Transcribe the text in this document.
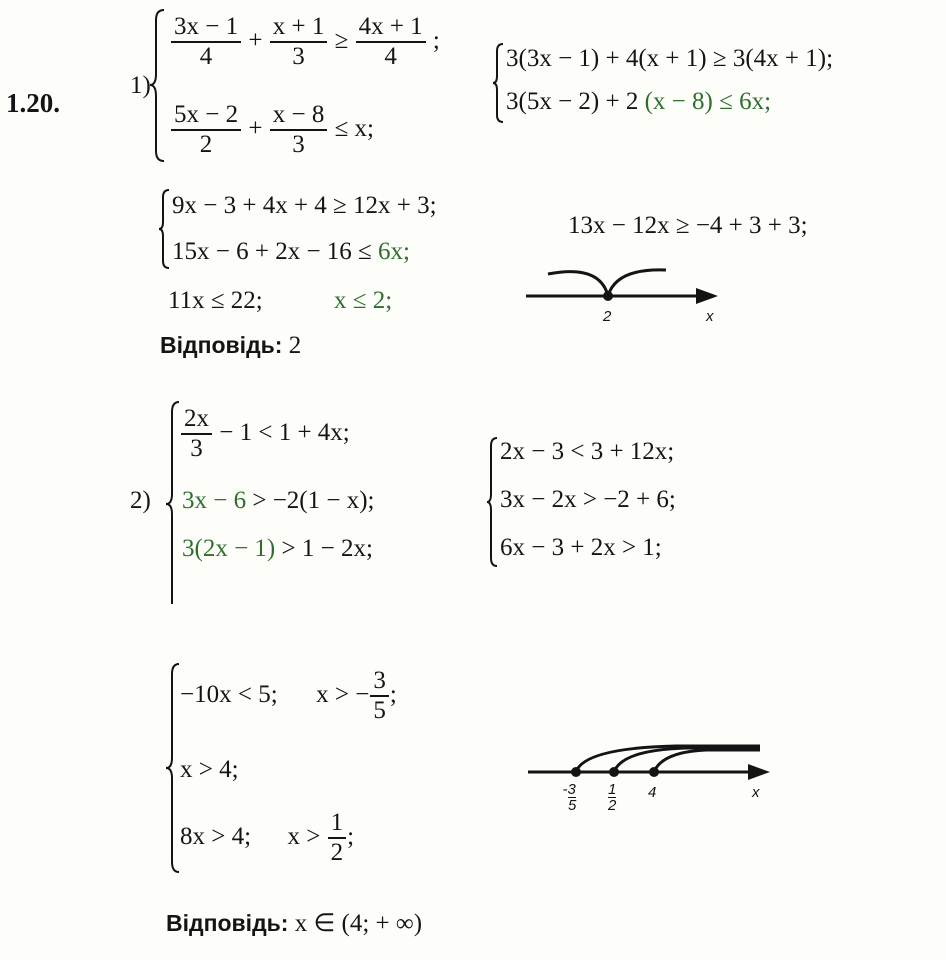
1.20.
1)
$\frac{3x - 1}{4} + \frac{x + 1}{3} \ge \frac{4x + 1}{4}$ ;
$\frac{5x - 2}{2} + \frac{x - 8}{3} \le x$;
3(3x − 1) + 4(x + 1) ≥ 3(4x + 1);
3(5x − 2) + 2 (x − 8) ≤ 6x;
9x − 3 + 4x + 4 ≥ 12x + 3;
15x − 6 + 2x − 16 ≤ 6x;
13x − 12x ≥ −4 + 3 + 3;
11x ≤ 22;	x ≤ 2;
2	x
Відповідь: 2
2)
$\frac{2x}{3} - 1 < 1 + 4x$;
3x − 6 > −2(1 − x);
3(2x − 1) > 1 − 2x;
2x − 3 < 3 + 12x;
3x − 2x > −2 + 6;
6x − 3 + 2x > 1;
−10x < 5; x > − $\frac{3}{5}$ ;
x > 4;
8x > 4; $x > \frac{1}{2}$ ;
-3
5
1
2
4	x
Відповідь: x ∈ (4; + ∞)
